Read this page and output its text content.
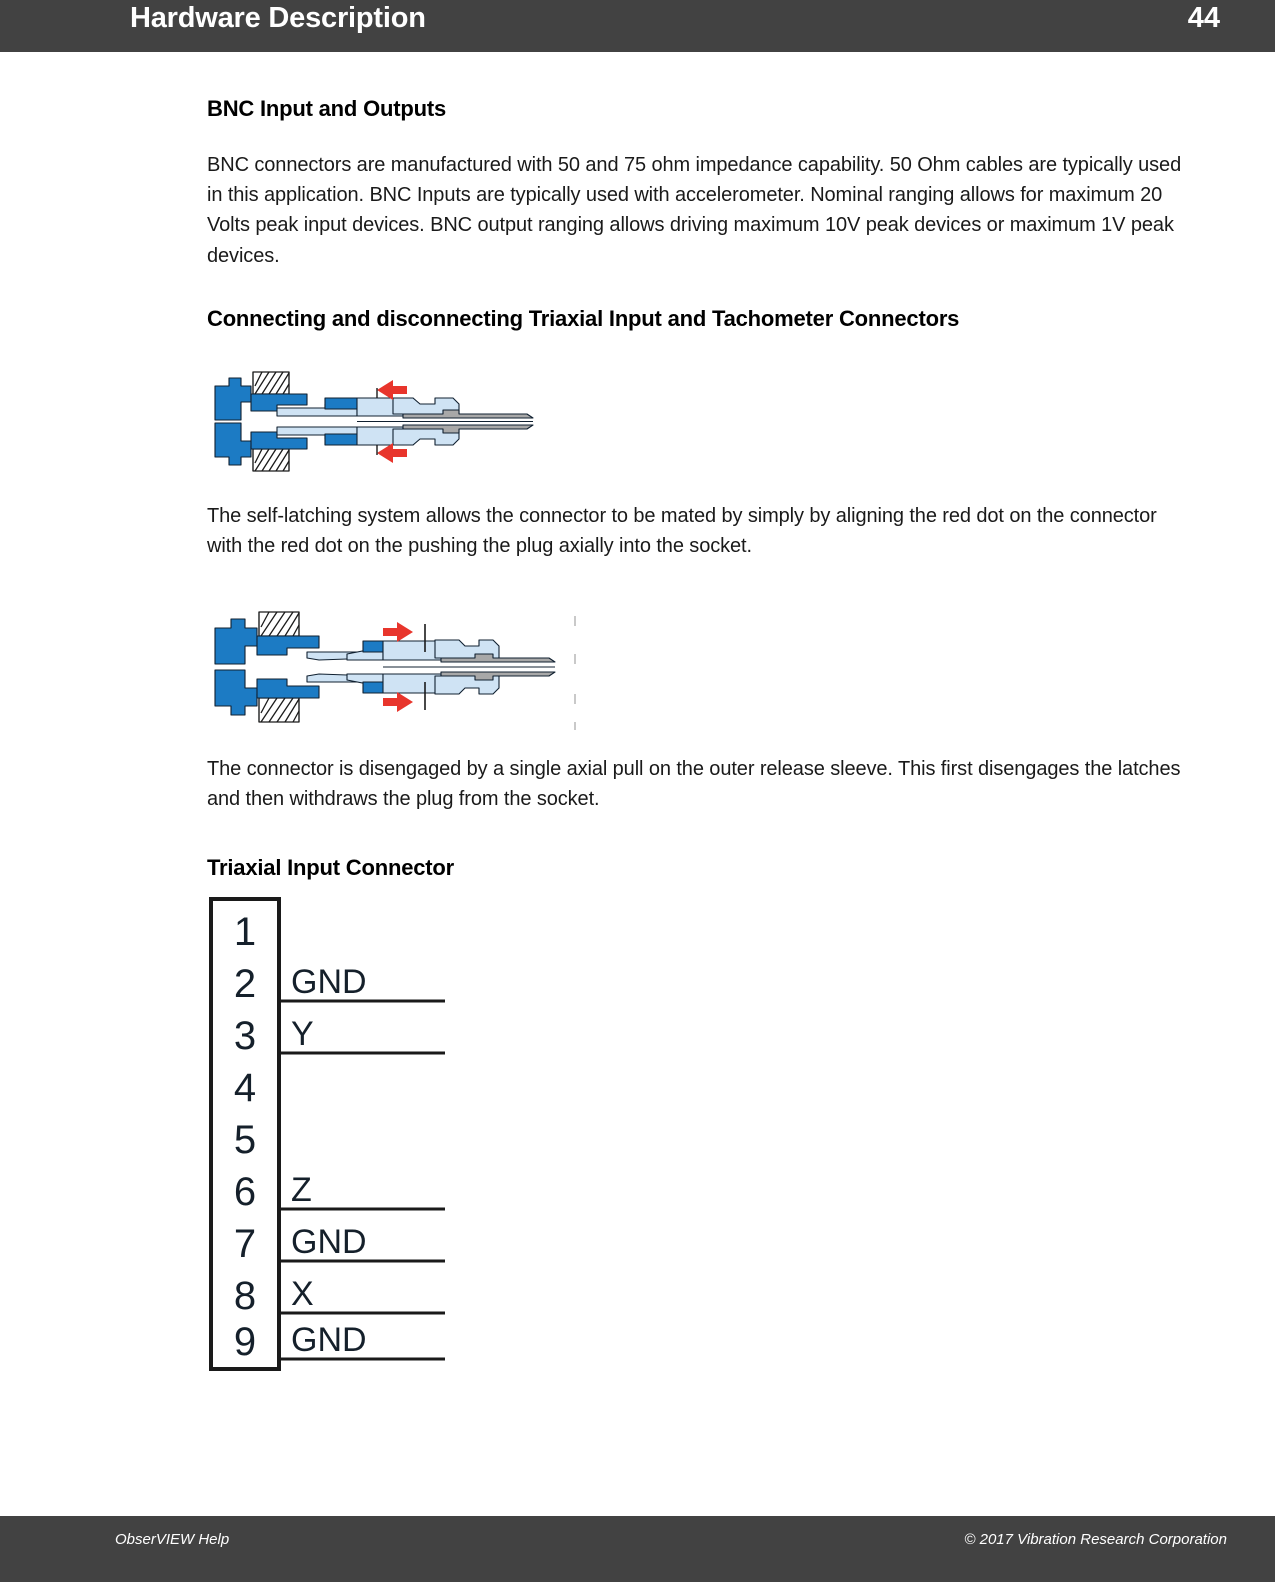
Hardware Description	44
BNC Input and Outputs

BNC connectors are manufactured with 50 and 75 ohm impedance capability. 50 Ohm cables are typically used in this application. BNC Inputs are typically used with accelerometer. Nominal ranging allows for maximum 20 Volts peak input devices. BNC output ranging allows driving maximum 10V peak devices or maximum 1V peak devices.

Connecting and disconnecting Triaxial Input and Tachometer Connectors

The self-latching system allows the connector to be mated by simply by aligning the red dot on the connector with the red dot on the pushing the plug axially into the socket.

The connector is disengaged by a single axial pull on the outer release sleeve. This first disengages the latches and then withdraws the plug from the socket.

Triaxial Input Connector
1
2
3
4
5
6
7
8
9
GND
Y
Z
GND
X
GND
ObserVIEW Help	© 2017 Vibration Research Corporation
